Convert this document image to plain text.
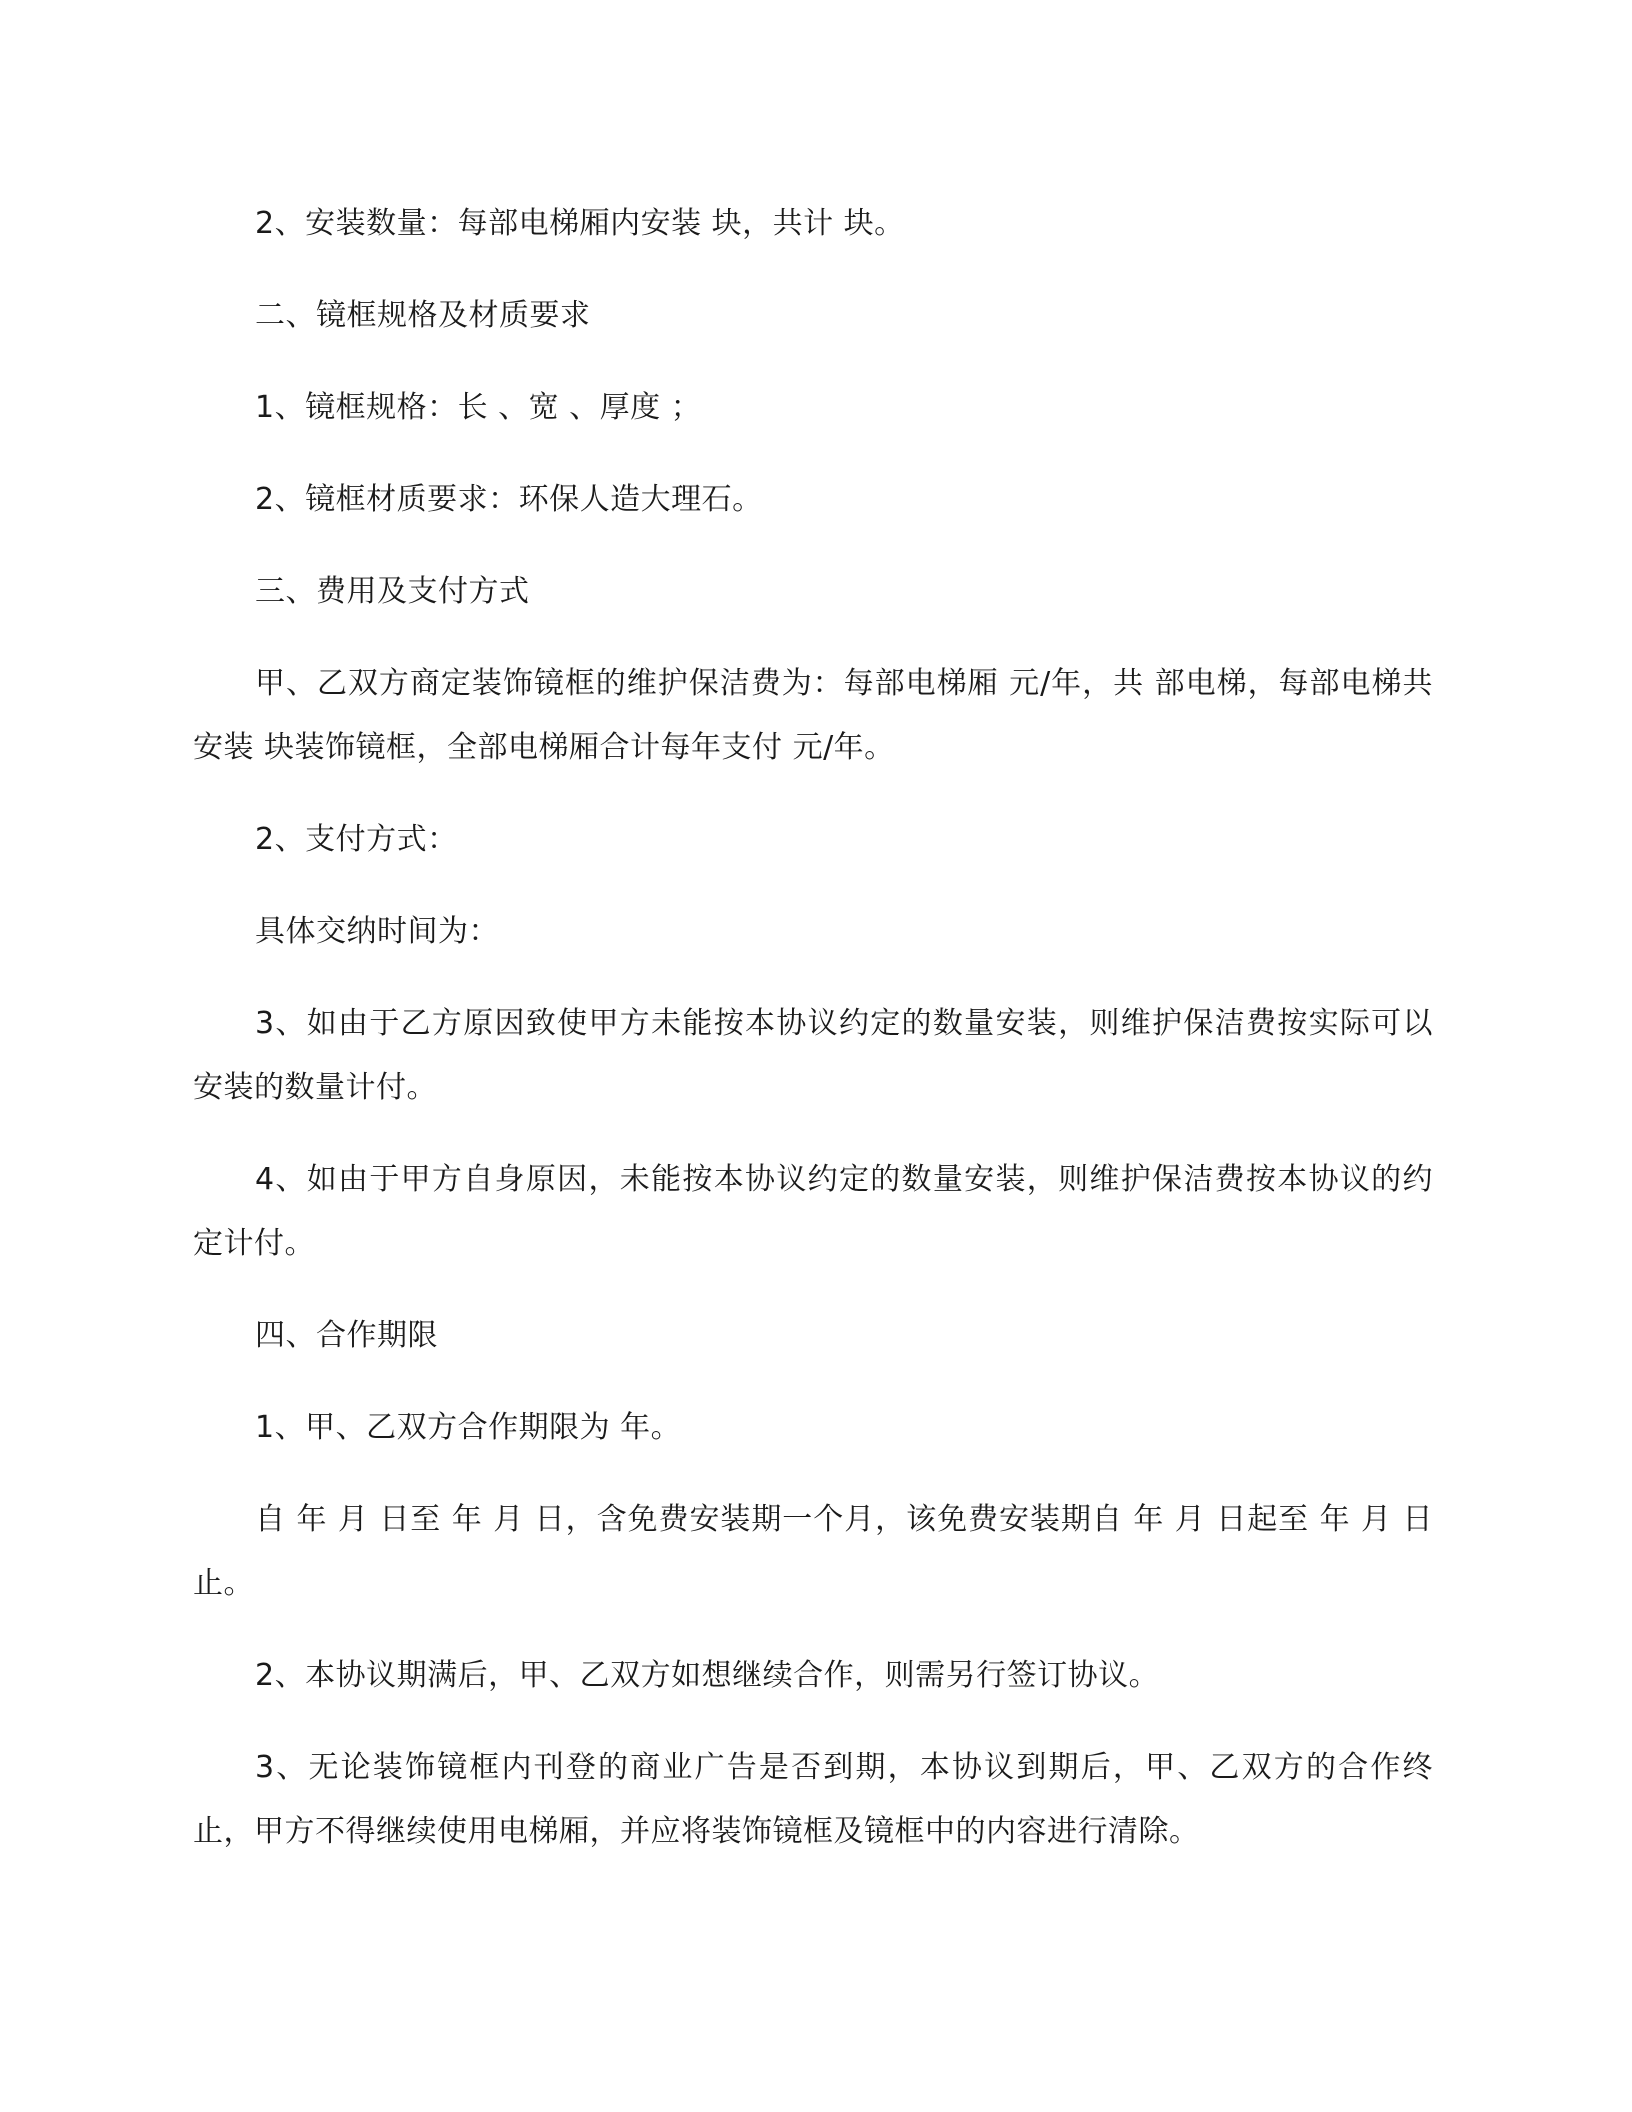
2、安装数量：每部电梯厢内安装 块，共计 块。

二、镜框规格及材质要求

1、镜框规格：长 、宽 、厚度 ；

2、镜框材质要求：环保人造大理石。

三、费用及支付方式

甲、乙双方商定装饰镜框的维护保洁费为：每部电梯厢 元/年，共 部电梯，每部电梯共安装 块装饰镜框，全部电梯厢合计每年支付 元/年。

2、支付方式：

具体交纳时间为：

3、如由于乙方原因致使甲方未能按本协议约定的数量安装，则维护保洁费按实际可以安装的数量计付。

4、如由于甲方自身原因，未能按本协议约定的数量安装，则维护保洁费按本协议的约定计付。

四、合作期限

1、甲、乙双方合作期限为 年。

自 年 月 日至 年 月 日，含免费安装期一个月，该免费安装期自 年 月 日起至 年 月 日止。

2、本协议期满后，甲、乙双方如想继续合作，则需另行签订协议。

3、无论装饰镜框内刊登的商业广告是否到期，本协议到期后，甲、乙双方的合作终止，甲方不得继续使用电梯厢，并应将装饰镜框及镜框中的内容进行清除。
